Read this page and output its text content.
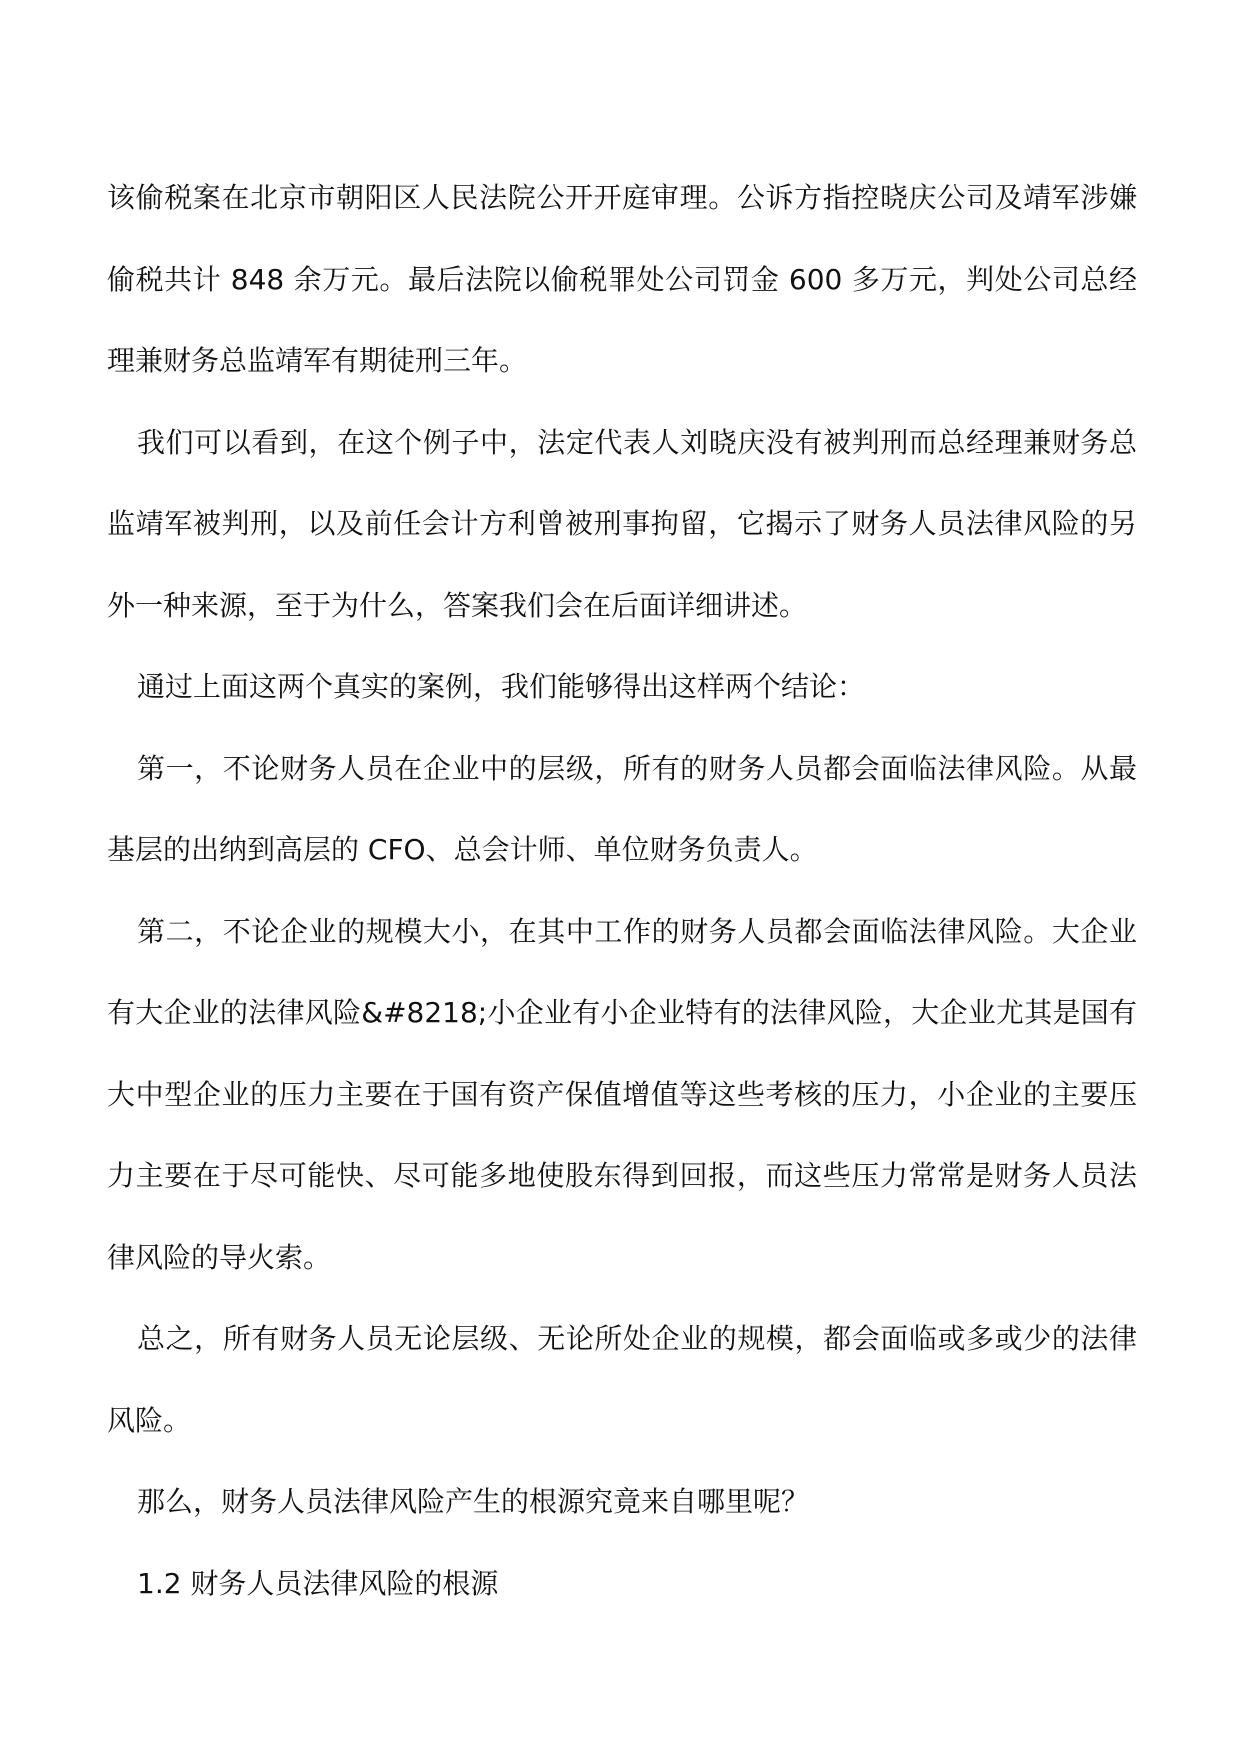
该偷税案在北京市朝阳区人民法院公开开庭审理。公诉方指控晓庆公司及靖军涉嫌偷税共计 848 余万元。最后法院以偷税罪处公司罚金 600 多万元，判处公司总经理兼财务总监靖军有期徒刑三年。

我们可以看到，在这个例子中，法定代表人刘晓庆没有被判刑而总经理兼财务总监靖军被判刑，以及前任会计方利曾被刑事拘留，它揭示了财务人员法律风险的另外一种来源，至于为什么，答案我们会在后面详细讲述。

通过上面这两个真实的案例，我们能够得出这样两个结论：

第一，不论财务人员在企业中的层级，所有的财务人员都会面临法律风险。从最基层的出纳到高层的 CFO、总会计师、单位财务负责人。

第二，不论企业的规模大小，在其中工作的财务人员都会面临法律风险。大企业有大企业的法律风险&#8218;小企业有小企业特有的法律风险，大企业尤其是国有大中型企业的压力主要在于国有资产保值增值等这些考核的压力，小企业的主要压力主要在于尽可能快、尽可能多地使股东得到回报，而这些压力常常是财务人员法律风险的导火索。

总之，所有财务人员无论层级、无论所处企业的规模，都会面临或多或少的法律风险。

那么，财务人员法律风险产生的根源究竟来自哪里呢？

1.2 财务人员法律风险的根源
